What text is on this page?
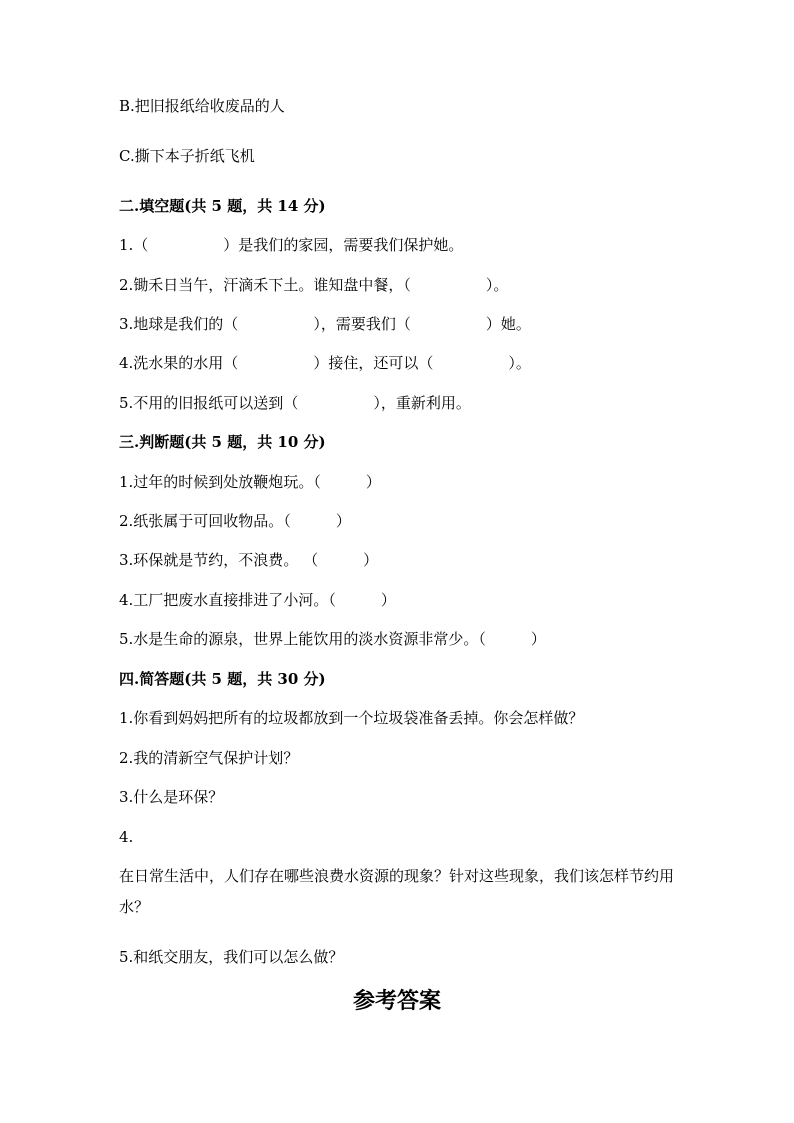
B.把旧报纸给收废品的人
C.撕下本子折纸飞机
二.填空题(共 5 题，共 14 分)
1.（　　　　　）是我们的家园，需要我们保护她。
2.锄禾日当午，汗滴禾下土。谁知盘中餐，（　　　　　）。
3.地球是我们的（　　　　　），需要我们（　　　　　）她。
4.洗水果的水用（　　　　　）接住，还可以（　　　　　）。
5.不用的旧报纸可以送到（　　　　　），重新利用。
三.判断题(共 5 题，共 10 分)
1.过年的时候到处放鞭炮玩。（　　　）
2.纸张属于可回收物品。（　　　）
3.环保就是节约，不浪费。 （　　　）
4.工厂把废水直接排进了小河。（　　　）
5.水是生命的源泉，世界上能饮用的淡水资源非常少。（　　　）
四.简答题(共 5 题，共 30 分)
1.你看到妈妈把所有的垃圾都放到一个垃圾袋准备丢掉。你会怎样做？
2.我的清新空气保护计划？
3.什么是环保？
4.
在日常生活中，人们存在哪些浪费水资源的现象？针对这些现象，我们该怎样节约用水？
5.和纸交朋友，我们可以怎么做？
参考答案
